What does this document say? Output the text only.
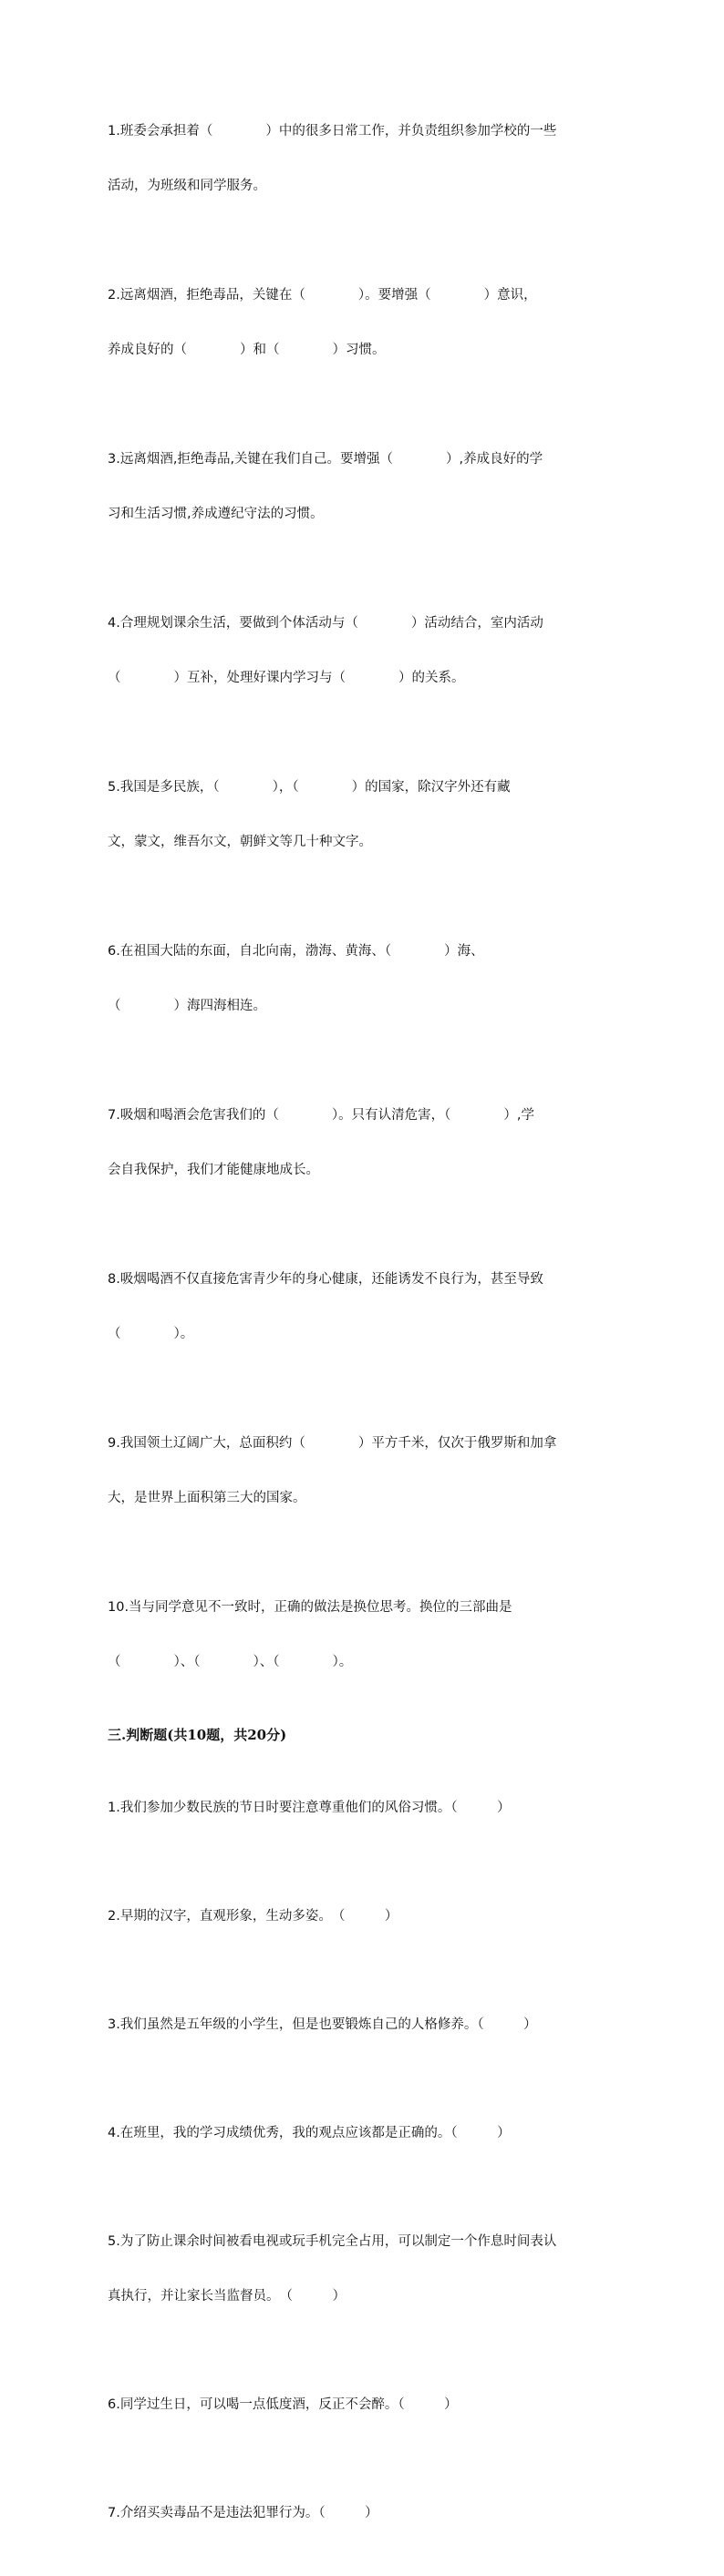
1.班委会承担着（　　　　）中的很多日常工作，并负责组织参加学校的一些

活动，为班级和同学服务。

2.远离烟酒，拒绝毒品，关键在（　　　　）。要增强（　　　　）意识，

养成良好的（　　　　）和（　　　　）习惯。

3.远离烟酒,拒绝毒品,关键在我们自己。要增强（　　　　）,养成良好的学

习和生活习惯,养成遵纪守法的习惯。

4.合理规划课余生活，要做到个体活动与（　　　　）活动结合，室内活动

（　　　　）互补，处理好课内学习与（　　　　）的关系。

5.我国是多民族，（　　　　），（　　　　）的国家，除汉字外还有藏

文，蒙文，维吾尔文，朝鲜文等几十种文字。

6.在祖国大陆的东面，自北向南，渤海、黄海、（　　　　）海、

（　　　　）海四海相连。

7.吸烟和喝酒会危害我们的（　　　　）。只有认清危害，（　　　　）,学

会自我保护，我们才能健康地成长。

8.吸烟喝酒不仅直接危害青少年的身心健康，还能诱发不良行为，甚至导致

（　　　　）。

9.我国领土辽阔广大，总面积约（　　　　）平方千米，仅次于俄罗斯和加拿

大，是世界上面积第三大的国家。

10.当与同学意见不一致时，正确的做法是换位思考。换位的三部曲是

（　　　　）、（　　　　）、（　　　　）。

三.判断题(共10题，共20分)

1.我们参加少数民族的节日时要注意尊重他们的风俗习惯。（　　　）

2.早期的汉字，直观形象，生动多姿。　（　　　）

3.我们虽然是五年级的小学生，但是也要锻炼自己的人格修养。（　　　）

4.在班里，我的学习成绩优秀，我的观点应该都是正确的。（　　　）

5.为了防止课余时间被看电视或玩手机完全占用，可以制定一个作息时间表认

真执行，并让家长当监督员。　（　　　）

6.同学过生日，可以喝一点低度酒，反正不会醉。（　　　）

7.介绍买卖毒品不是违法犯罪行为。（　　　）
